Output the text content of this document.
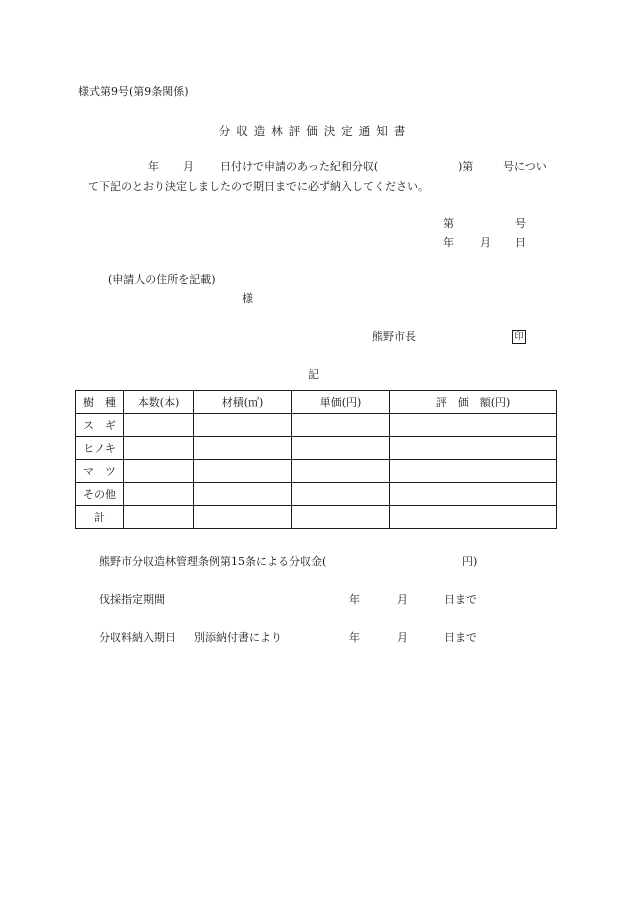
様式第9号(第9条関係)
分収造林評価決定通知書
年 月 日付けで申請のあった紀和分収(	)第	号につい
て下記のとおり決定しましたので期日までに必ず納入してください。
第	号
年 月 日
(申請人の住所を記載)
様
熊野市長	印
記
樹　種	本数(本)	材積(㎥)	単価(円)	評　価　額(円)
ス　ギ				
ヒノキ				
マ　ツ				
その他				
計				
熊野市分収造林管理条例第15条による分収金(	円)
伐採指定期間	年	月	日まで
分収料納入期日 別添納付書により	年	月	日まで
